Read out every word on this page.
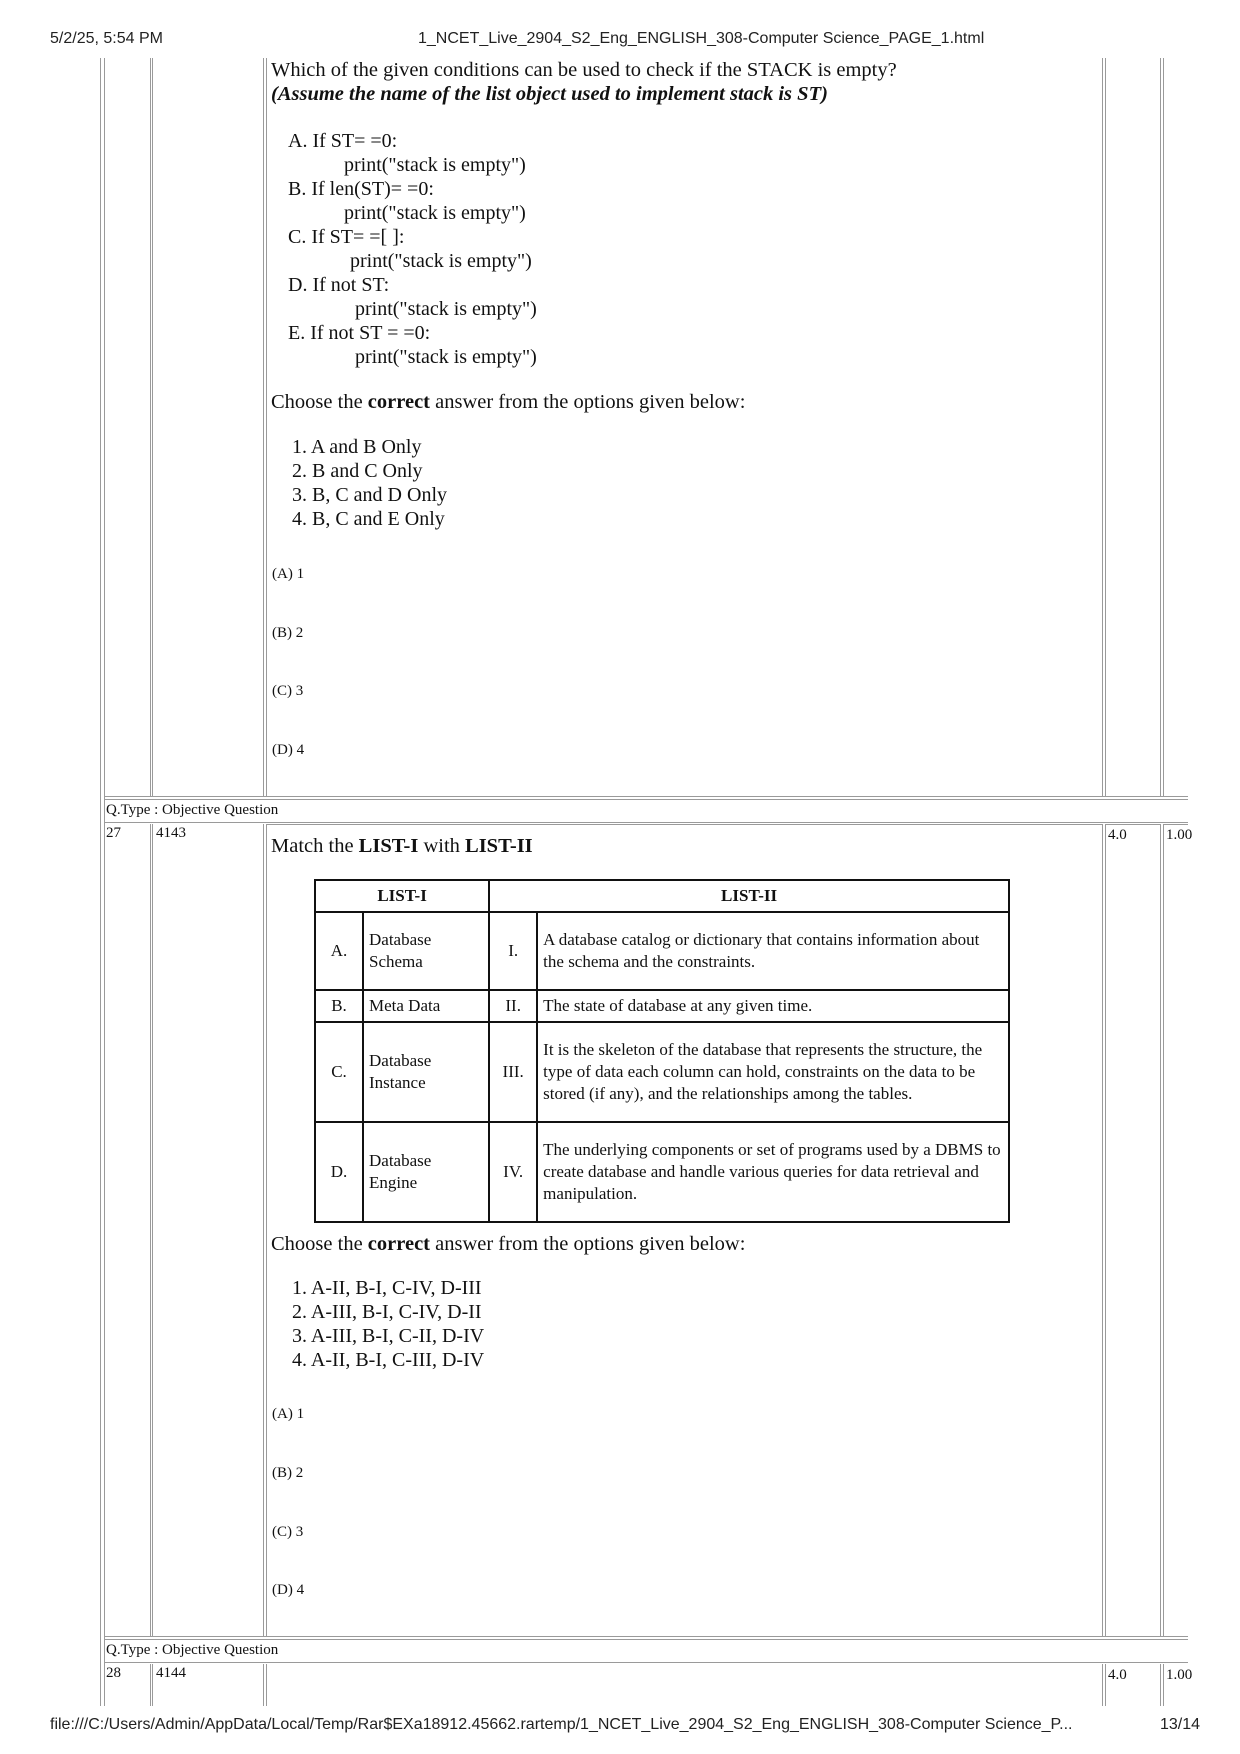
5/2/25, 5:54 PM	1_NCET_Live_2904_S2_Eng_ENGLISH_308-Computer Science_PAGE_1.html
Q.Type : Objective Question
Q.Type : Objective Question
Which of the given conditions can be used to check if the STACK is empty?
(Assume the name of the list object used to implement stack is ST)
A. If ST= =0:
print("stack is empty")
B. If len(ST)= =0:
print("stack is empty")
C. If ST= =[ ]:
print("stack is empty")
D. If not ST:
print("stack is empty")
E. If not ST = =0:
print("stack is empty")
Choose the correct answer from the options given below:
1. A and B Only
2. B and C Only
3. B, C and D Only
4. B, C and E Only
(A) 1
(B) 2
(C) 3
(D) 4
27 4143	4.0	1.00
Match the LIST-I with LIST-II
LIST-I		LIST-II	
A.	Database Schema	I.	A database catalog or dictionary that contains information about the schema and the constraints.
B.	Meta Data	II.	The state of database at any given time.
C.	Database Instance	III.	It is the skeleton of the database that represents the structure, the type of data each column can hold, constraints on the data to be stored (if any), and the relationships among the tables.
D.	Database Engine	IV.	The underlying components or set of programs used by a DBMS to create database and handle various queries for data retrieval and manipulation.
Choose the correct answer from the options given below:
1. A-II, B-I, C-IV, D-III
2. A-III, B-I, C-IV, D-II
3. A-III, B-I, C-II, D-IV
4. A-II, B-I, C-III, D-IV
(A) 1
(B) 2
(C) 3
(D) 4
28 4144	4.0	1.00
file:///C:/Users/Admin/AppData/Local/Temp/Rar$EXa18912.45662.rartemp/1_NCET_Live_2904_S2_Eng_ENGLISH_308-Computer Science_P...	13/14
